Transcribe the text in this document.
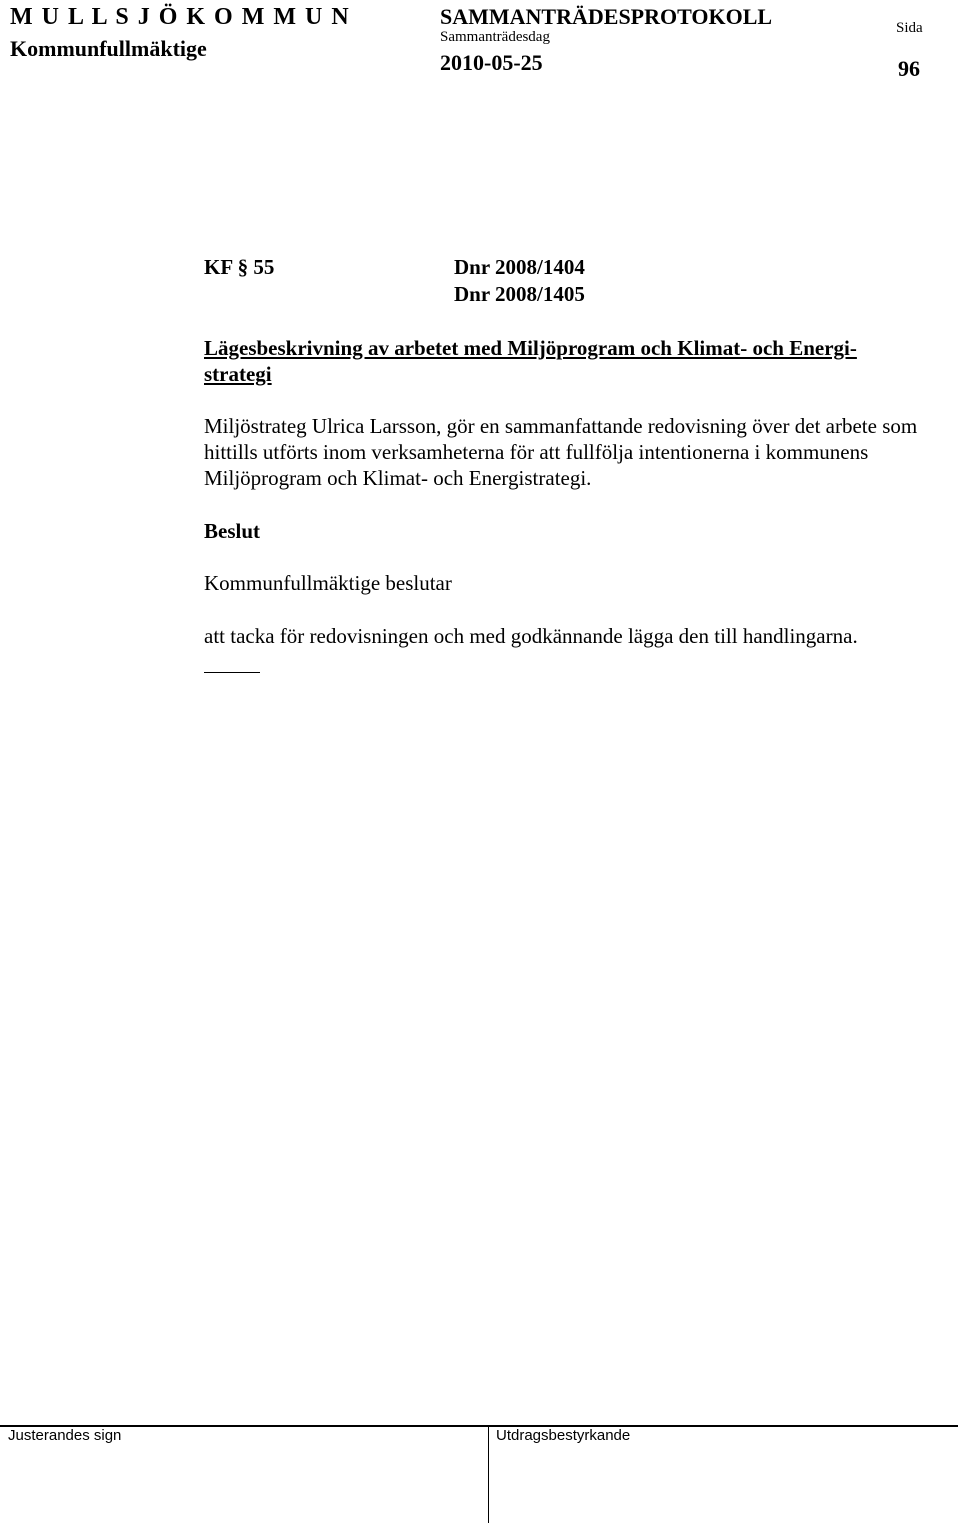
M U L L S J Ö K O M M U N
Kommunfullmäktige
SAMMANTRÄDESPROTOKOLL
Sammanträdesdag
2010-05-25
Sida
96
KF § 55	Dnr 2008/1404
Dnr 2008/1405
Lägesbeskrivning av arbetet med Miljöprogram och Klimat- och Energi-strategi
Miljöstrateg Ulrica Larsson, gör en sammanfattande redovisning över det arbete som hittills utförts inom verksamheterna för att fullfölja intentionerna i kommunens Miljöprogram och Klimat- och Energistrategi.
Beslut
Kommunfullmäktige beslutar
att tacka för redovisningen och med godkännande lägga den till handlingarna.
Justerandes sign	Utdragsbestyrkande
